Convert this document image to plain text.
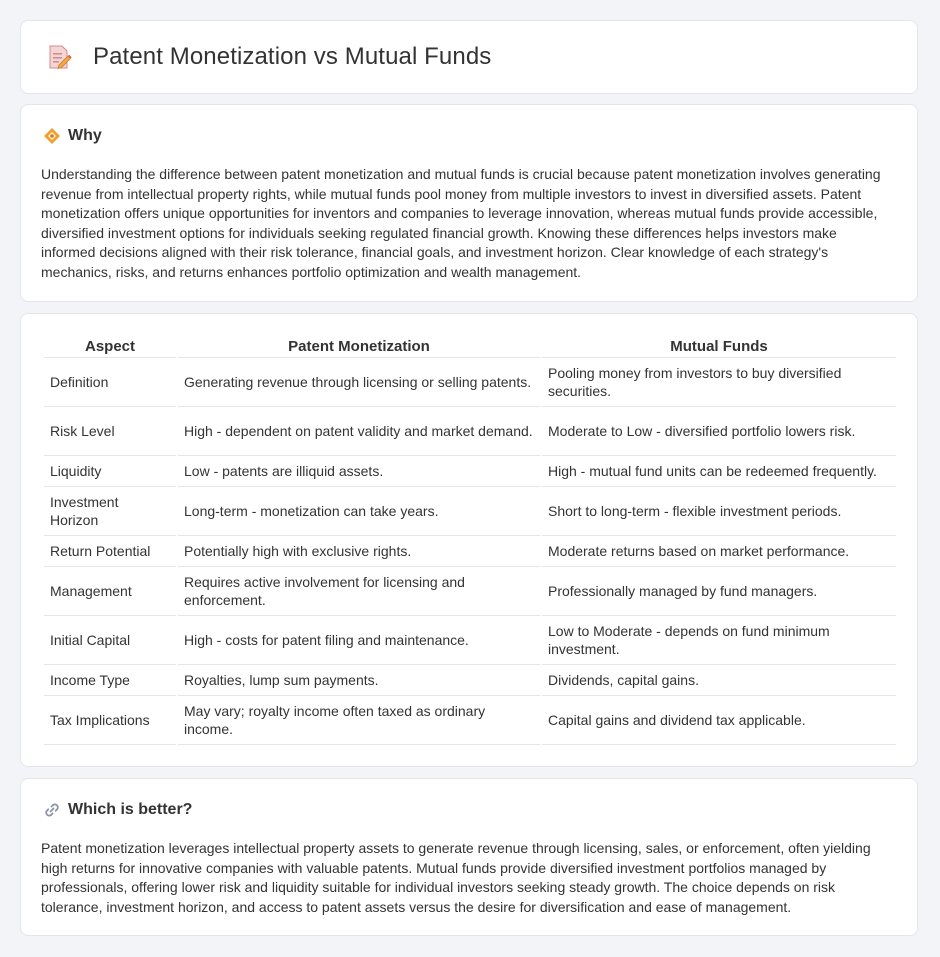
Patent Monetization vs Mutual Funds
Why
Understanding the difference between patent monetization and mutual funds is crucial because patent monetization involves generating revenue from intellectual property rights, while mutual funds pool money from multiple investors to invest in diversified assets. Patent monetization offers unique opportunities for inventors and companies to leverage innovation, whereas mutual funds provide accessible, diversified investment options for individuals seeking regulated financial growth. Knowing these differences helps investors make informed decisions aligned with their risk tolerance, financial goals, and investment horizon. Clear knowledge of each strategy's mechanics, risks, and returns enhances portfolio optimization and wealth management.
Aspect	Patent Monetization	Mutual Funds
Definition	Generating revenue through licensing or selling patents.	Pooling money from investors to buy diversified securities.
Risk Level	High - dependent on patent validity and market demand.	Moderate to Low - diversified portfolio lowers risk.
Liquidity	Low - patents are illiquid assets.	High - mutual fund units can be redeemed frequently.
Investment Horizon	Long-term - monetization can take years.	Short to long-term - flexible investment periods.
Return Potential	Potentially high with exclusive rights.	Moderate returns based on market performance.
Management	Requires active involvement for licensing and enforcement.	Professionally managed by fund managers.
Initial Capital	High - costs for patent filing and maintenance.	Low to Moderate - depends on fund minimum investment.
Income Type	Royalties, lump sum payments.	Dividends, capital gains.
Tax Implications	May vary; royalty income often taxed as ordinary income.	Capital gains and dividend tax applicable.
Which is better?
Patent monetization leverages intellectual property assets to generate revenue through licensing, sales, or enforcement, often yielding high returns for innovative companies with valuable patents. Mutual funds provide diversified investment portfolios managed by professionals, offering lower risk and liquidity suitable for individual investors seeking steady growth. The choice depends on risk tolerance, investment horizon, and access to patent assets versus the desire for diversification and ease of management.
